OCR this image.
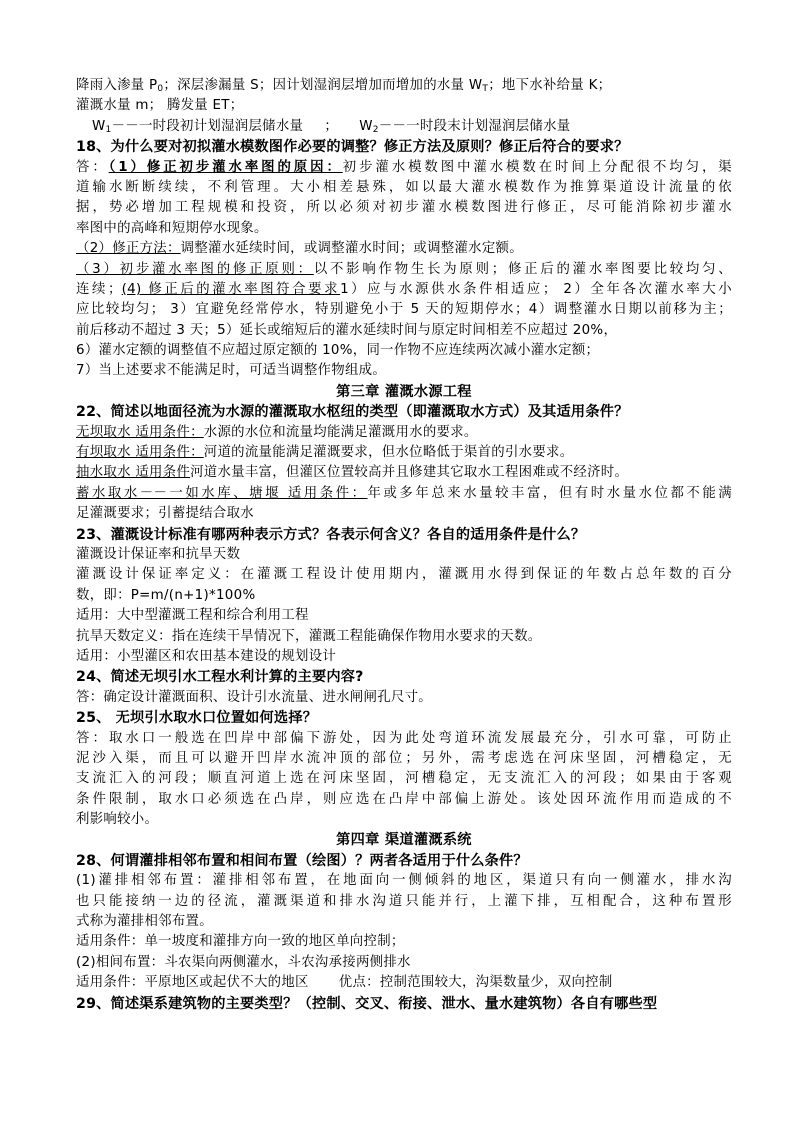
降雨入渗量 $P_0$；深层渗漏量 S；因计划湿润层增加而增加的水量 $W_T$；地下水补给量 K；
灌溉水量 m； 腾发量 ET；
$W_1--$一时段初计划湿润层储水量 ； $W_2--$一时段末计划湿润层储水量
18、为什么要对初拟灌水模数图作必要的调整？修正方法及原则？修正后符合的要求？
答：（1）修正初步灌水率图的原因：初步灌水模数图中灌水模数在时间上分配很不均匀，渠
道输水断断续续，不利管理。大小相差悬殊，如以最大灌水模数作为推算渠道设计流量的依
据，势必增加工程规模和投资，所以必须对初步灌水模数图进行修正，尽可能消除初步灌水
率图中的高峰和短期停水现象。
（2）修正方法：调整灌水延续时间，或调整灌水时间；或调整灌水定额。
（3）初步灌水率图的修正原则：以不影响作物生长为原则；修正后的灌水率图要比较均匀、
连续；(4) 修正后的灌水率图符合要求1）应与水源供水条件相适应； 2）全年各次灌水率大小
应比较均匀； 3）宜避免经常停水，特别避免小于 5 天的短期停水；4）调整灌水日期以前移为主；
前后移动不超过 3 天；5）延长或缩短后的灌水延续时间与原定时间相差不应超过 20%，
6）灌水定额的调整值不应超过原定额的 10%，同一作物不应连续两次减小灌水定额；
7）当上述要求不能满足时，可适当调整作物组成。
第三章 灌溉水源工程
22、简述以地面径流为水源的灌溉取水枢纽的类型（即灌溉取水方式）及其适用条件？
无坝取水 适用条件：水源的水位和流量均能满足灌溉用水的要求。
有坝取水 适用条件：河道的流量能满足灌溉要求，但水位略低于渠首的引水要求。
抽水取水 适用条件河道水量丰富，但灌区位置较高并且修建其它取水工程困难或不经济时。
蓄水取水－－一如水库、塘堰 适用条件：年或多年总来水量较丰富，但有时水量水位都不能满
足灌溉要求；引蓄提结合取水
23、灌溉设计标准有哪两种表示方式？各表示何含义？各自的适用条件是什么？
灌溉设计保证率和抗旱天数
灌溉设计保证率定义：在灌溉工程设计使用期内，灌溉用水得到保证的年数占总年数的百分
数，即：P=m/(n+1)*100%
适用：大中型灌溉工程和综合利用工程
抗旱天数定义：指在连续干旱情况下，灌溉工程能确保作物用水要求的天数。
适用：小型灌区和农田基本建设的规划设计
24、简述无坝引水工程水利计算的主要内容?
答：确定设计灌溉面积、设计引水流量、进水闸闸孔尺寸。
25、 无坝引水取水口位置如何选择？
答：取水口一般选在凹岸中部偏下游处，因为此处弯道环流发展最充分，引水可靠，可防止
泥沙入渠，而且可以避开凹岸水流冲顶的部位；另外，需考虑选在河床坚固，河槽稳定，无
支流汇入的河段；顺直河道上选在河床坚固，河槽稳定，无支流汇入的河段；如果由于客观
条件限制，取水口必须选在凸岸，则应选在凸岸中部偏上游处。该处因环流作用而造成的不
利影响较小。
第四章 渠道灌溉系统
28、何谓灌排相邻布置和相间布置（绘图）？两者各适用于什么条件？
(1)灌排相邻布置：灌排相邻布置，在地面向一侧倾斜的地区，渠道只有向一侧灌水，排水沟
也只能接纳一边的径流，灌溉渠道和排水沟道只能并行，上灌下排，互相配合，这种布置形
式称为灌排相邻布置。
适用条件：单一坡度和灌排方向一致的地区单向控制；
(2)相间布置：斗农渠向两侧灌水，斗农沟承接两侧排水
适用条件：平原地区或起伏不大的地区 优点：控制范围较大，沟渠数量少，双向控制
29、简述渠系建筑物的主要类型？（控制、交叉、衔接、泄水、量水建筑物）各自有哪些型
